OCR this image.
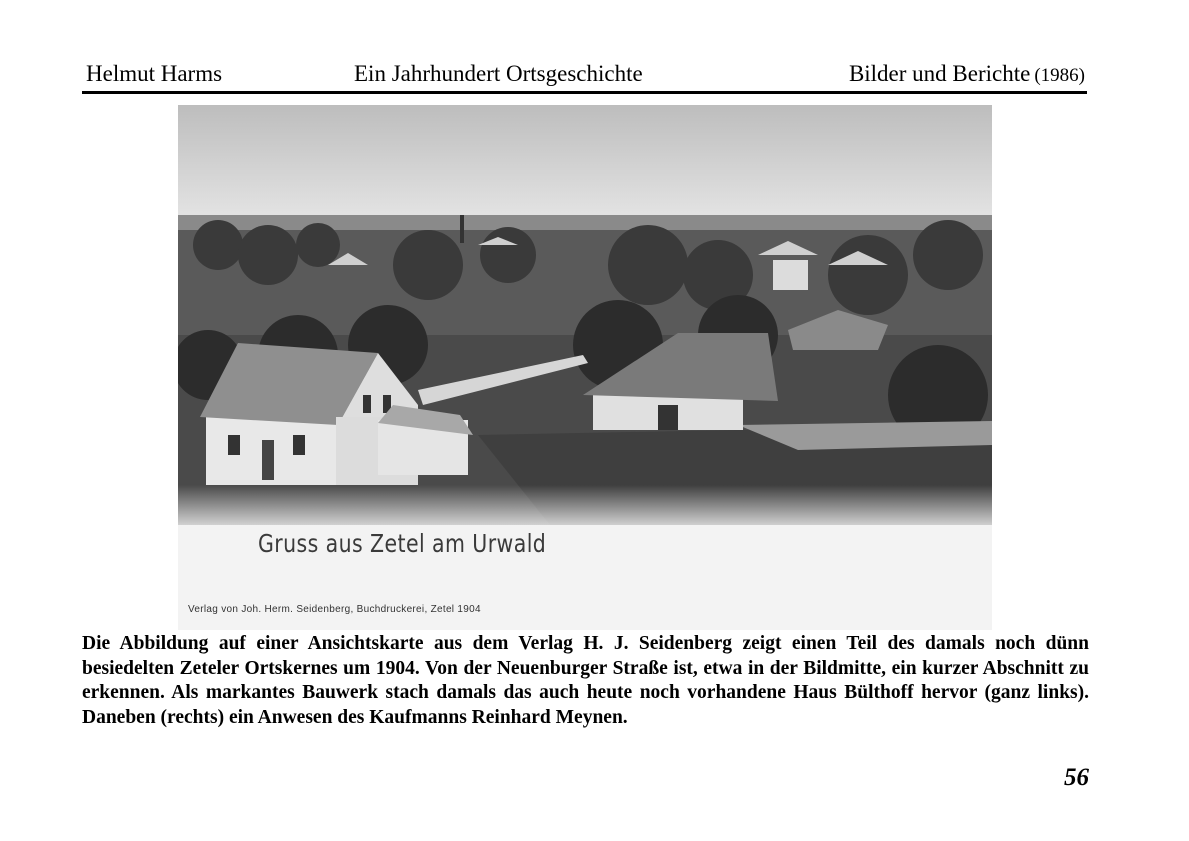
Helmut Harms	Ein Jahrhundert Ortsgeschichte	Bilder und Berichte (1986)
Gruss aus Zetel am Urwald
Verlag von Joh. Herm. Seidenberg, Buchdruckerei, Zetel 1904

Die Abbildung auf einer Ansichtskarte aus dem Verlag H. J. Seidenberg zeigt einen Teil des damals noch dünn besiedelten Zeteler Ortskernes um 1904. Von der Neuenburger Straße ist, etwa in der Bildmitte, ein kurzer Abschnitt zu erkennen. Als markantes Bauwerk stach damals das auch heute noch vorhandene Haus Bülthoff hervor (ganz links). Daneben (rechts) ein Anwesen des Kaufmanns Reinhard Meynen.

56
